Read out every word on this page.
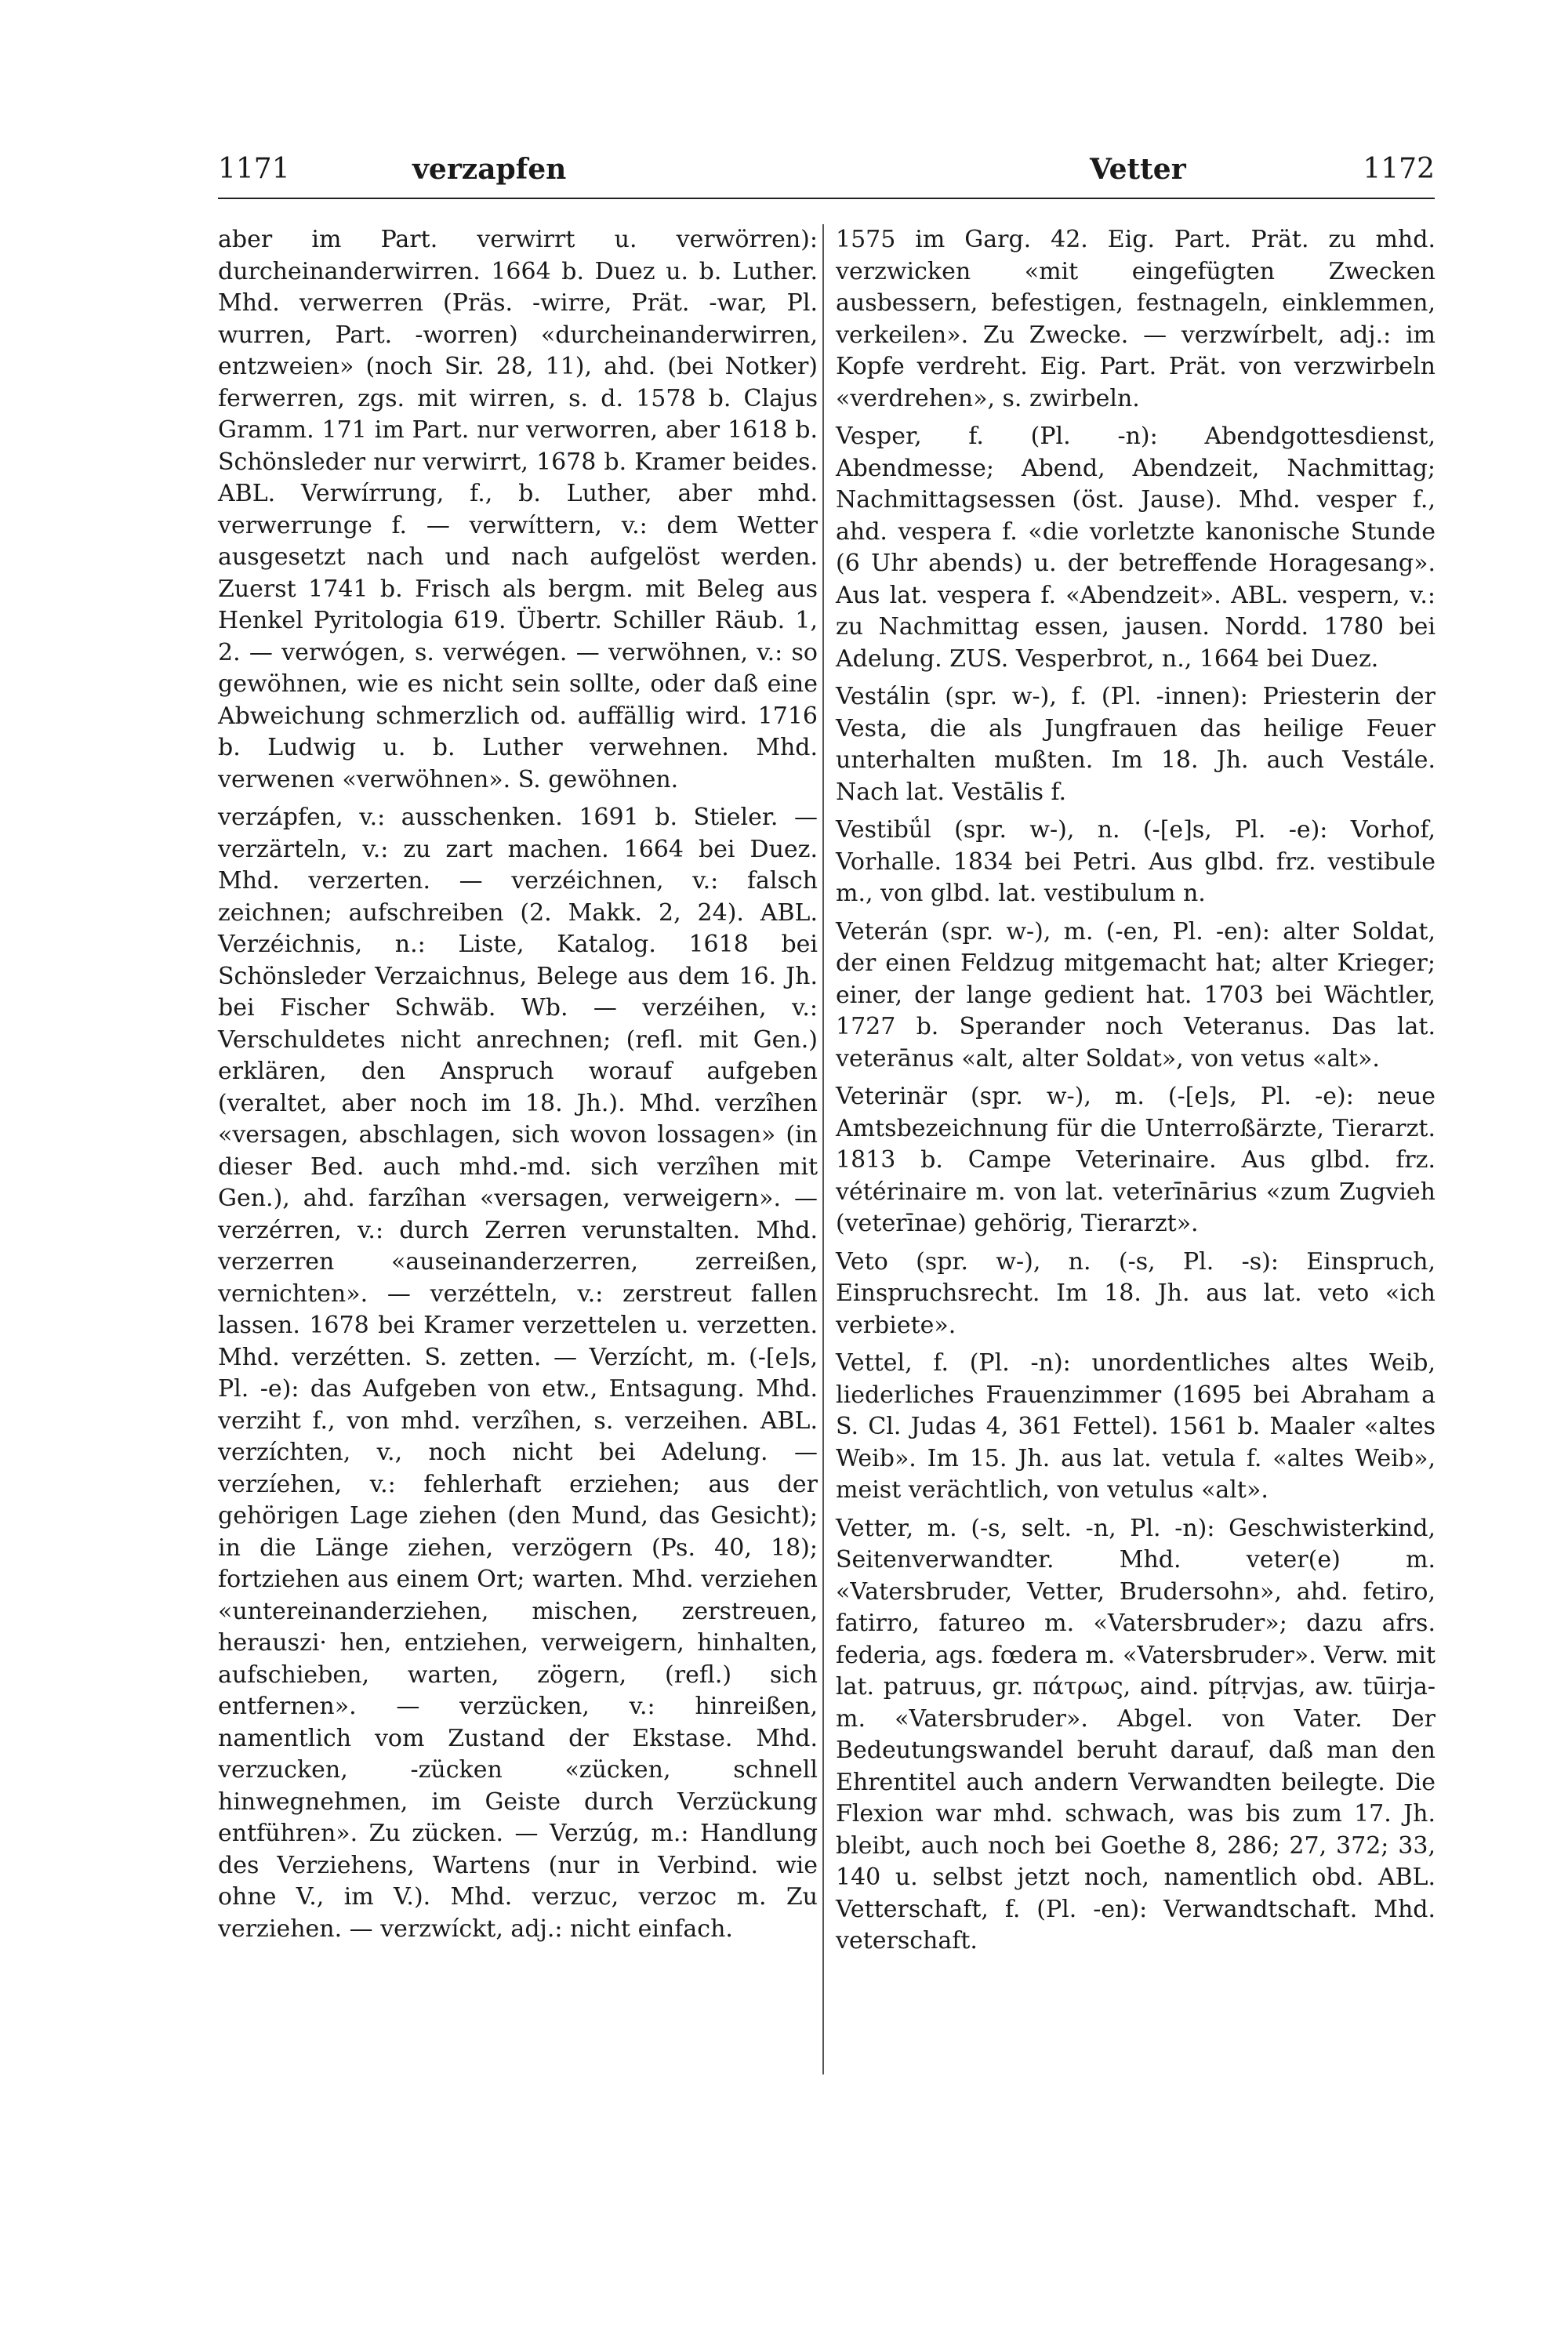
1171	verzapfen	Vetter	1172

aber im Part. verwirrt u. verwörren): durcheinanderwirren. 1664 b. Duez u. b. Luther. Mhd. verwerren (Präs. -wirre, Prät. -war, Pl. wurren, Part. -worren) «durcheinanderwirren, entzweien» (noch Sir. 28, 11), ahd. (bei Notker) ferwerren, zgs. mit wirren, s. d. 1578 b. Clajus Gramm. 171 im Part. nur verworren, aber 1618 b. Schönsleder nur verwirrt, 1678 b. Kramer beides. ABL. Verwírrung, f., b. Luther, aber mhd. verwerrunge f. — verwíttern, v.: dem Wetter ausgesetzt nach und nach aufgelöst werden. Zuerst 1741 b. Frisch als bergm. mit Beleg aus Henkel Pyritologia 619. Übertr. Schiller Räub. 1, 2. — verwógen, s. verwégen. — verwöhnen, v.: so gewöhnen, wie es nicht sein sollte, oder daß eine Abweichung schmerzlich od. auffällig wird. 1716 b. Ludwig u. b. Luther verwehnen. Mhd. verwenen «verwöhnen». S. gewöhnen.

verzápfen, v.: ausschenken. 1691 b. Stieler. — verzärteln, v.: zu zart machen. 1664 bei Duez. Mhd. verzerten. — verzéichnen, v.: falsch zeichnen; aufschreiben (2. Makk. 2, 24). ABL. Verzéichnis, n.: Liste, Katalog. 1618 bei Schönsleder Verzaichnus, Belege aus dem 16. Jh. bei Fischer Schwäb. Wb. — verzéihen, v.: Verschuldetes nicht anrechnen; (refl. mit Gen.) erklären, den Anspruch worauf aufgeben (veraltet, aber noch im 18. Jh.). Mhd. verzîhen «versagen, abschlagen, sich wovon lossagen» (in dieser Bed. auch mhd.-md. sich verzîhen mit Gen.), ahd. farzîhan «versagen, verweigern». — verzérren, v.: durch Zerren verunstalten. Mhd. verzerren «auseinanderzerren, zerreißen, vernichten». — verzétteln, v.: zerstreut fallen lassen. 1678 bei Kramer verzettelen u. verzetten. Mhd. verzétten. S. zetten. — Verzícht, m. (-[e]s, Pl. -e): das Aufgeben von etw., Entsagung. Mhd. verziht f., von mhd. verzîhen, s. verzeihen. ABL. verzíchten, v., noch nicht bei Adelung. — verzíehen, v.: fehlerhaft erziehen; aus der gehörigen Lage ziehen (den Mund, das Gesicht); in die Länge ziehen, verzögern (Ps. 40, 18); fortziehen aus einem Ort; warten. Mhd. verziehen «untereinanderziehen, mischen, zerstreuen, herauszi· hen, entziehen, verweigern, hinhalten, aufschieben, warten, zögern, (refl.) sich entfernen». — verzücken, v.: hinreißen, namentlich vom Zustand der Ekstase. Mhd. verzucken, -zücken «zücken, schnell hinwegnehmen, im Geiste durch Verzückung entführen». Zu zücken. — Verzúg, m.: Handlung des Verziehens, Wartens (nur in Verbind. wie ohne V., im V.). Mhd. verzuc, verzoc m. Zu verziehen. — verzwíckt, adj.: nicht einfach.

1575 im Garg. 42. Eig. Part. Prät. zu mhd. verzwicken «mit eingefügten Zwecken ausbessern, befestigen, festnageln, einklemmen, verkeilen». Zu Zwecke. — verzwírbelt, adj.: im Kopfe verdreht. Eig. Part. Prät. von verzwirbeln «verdrehen», s. zwirbeln.

Vesper, f. (Pl. -n): Abendgottesdienst, Abendmesse; Abend, Abendzeit, Nachmittag; Nachmittagsessen (öst. Jause). Mhd. vesper f., ahd. vespera f. «die vorletzte kanonische Stunde (6 Uhr abends) u. der betreffende Horagesang». Aus lat. vespera f. «Abendzeit». ABL. vespern, v.: zu Nachmittag essen, jausen. Nordd. 1780 bei Adelung. ZUS. Vesperbrot, n., 1664 bei Duez.

Vestálin (spr. w-), f. (Pl. -innen): Priesterin der Vesta, die als Jungfrauen das heilige Feuer unterhalten mußten. Im 18. Jh. auch Vestále. Nach lat. Vestālis f.

Vestibǘl (spr. w-), n. (-[e]s, Pl. -e): Vorhof, Vorhalle. 1834 bei Petri. Aus glbd. frz. vestibule m., von glbd. lat. vestibulum n.

Veterán (spr. w-), m. (-en, Pl. -en): alter Soldat, der einen Feldzug mitgemacht hat; alter Krieger; einer, der lange gedient hat. 1703 bei Wächtler, 1727 b. Sperander noch Veteranus. Das lat. veterānus «alt, alter Soldat», von vetus «alt».

Veterinär (spr. w-), m. (-[e]s, Pl. -e): neue Amtsbezeichnung für die Unterroßärzte, Tierarzt. 1813 b. Campe Veterinaire. Aus glbd. frz. vétérinaire m. von lat. veterīnārius «zum Zugvieh (veterīnae) gehörig, Tierarzt».

Veto (spr. w-), n. (-s, Pl. -s): Einspruch, Einspruchsrecht. Im 18. Jh. aus lat. veto «ich verbiete».

Vettel, f. (Pl. -n): unordentliches altes Weib, liederliches Frauenzimmer (1695 bei Abraham a S. Cl. Judas 4, 361 Fettel). 1561 b. Maaler «altes Weib». Im 15. Jh. aus lat. vetula f. «altes Weib», meist verächtlich, von vetulus «alt».

Vetter, m. (-s, selt. -n, Pl. -n): Geschwisterkind, Seitenverwandter. Mhd. veter(e) m. «Vatersbruder, Vetter, Brudersohn», ahd. fetiro, fatirro, fatureo m. «Vatersbruder»; dazu afrs. federia, ags. fœdera m. «Vatersbruder». Verw. mit lat. patruus, gr. πάτρως, aind. pítṛvjas, aw. tūirja- m. «Vatersbruder». Abgel. von Vater. Der Bedeutungswandel beruht darauf, daß man den Ehrentitel auch andern Verwandten beilegte. Die Flexion war mhd. schwach, was bis zum 17. Jh. bleibt, auch noch bei Goethe 8, 286; 27, 372; 33, 140 u. selbst jetzt noch, namentlich obd. ABL. Vetterschaft, f. (Pl. -en): Verwandtschaft. Mhd. veterschaft.
